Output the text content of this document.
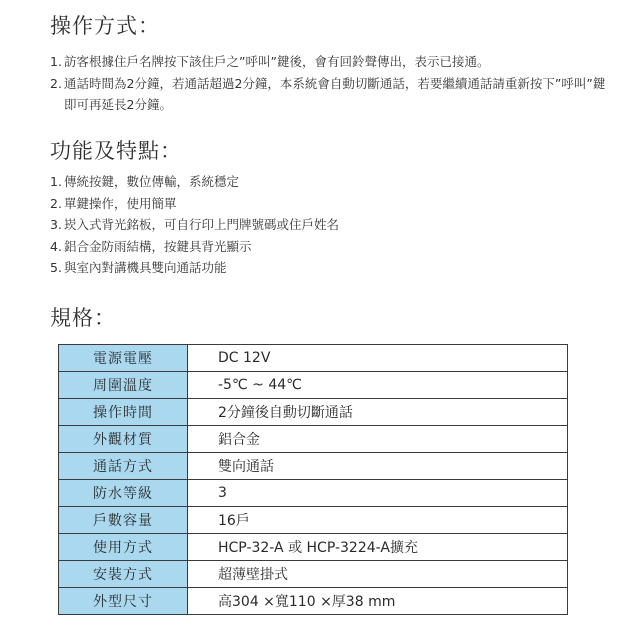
操作方式：
1. 訪客根據住戶名牌按下該住戶之”呼叫”鍵後，會有回鈴聲傳出，表示已接通。
2. 通話時間為2分鐘，若通話超過2分鐘，本系統會自動切斷通話，若要繼續通話請重新按下”呼叫”鍵即可再延長2分鐘。
功能及特點：
1. 傳統按鍵，數位傳輸，系統穩定
2. 單鍵操作，使用簡單
3. 崁入式背光銘板，可自行印上門牌號碼或住戶姓名
4. 鋁合金防雨結構，按鍵具背光顯示
5. 與室內對講機具雙向通話功能
規格：
電源電壓	DC 12V
周圍溫度	-5℃ ~ 44℃
操作時間	2分鐘後自動切斷通話
外觀材質	鋁合金
通話方式	雙向通話
防水等級	3
戶數容量	16戶
使用方式	HCP-32-A 或 HCP-3224-A擴充
安裝方式	超薄壁掛式
外型尺寸	高304 ×寬110 ×厚38 mm
